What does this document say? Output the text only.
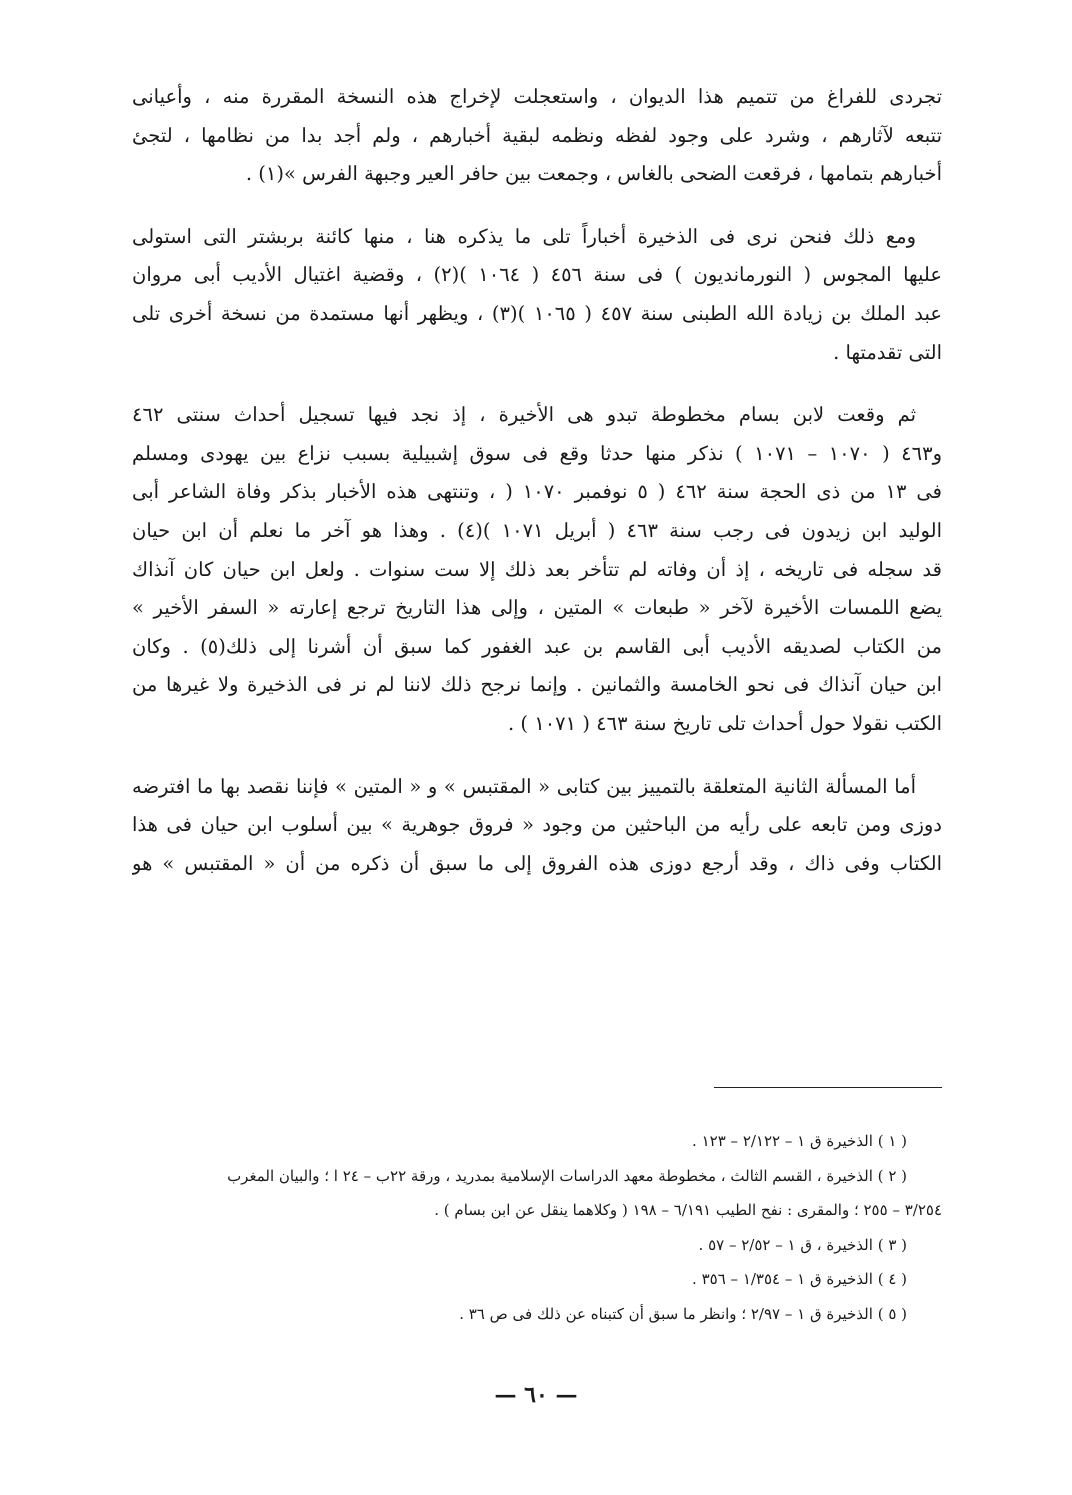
تجردى للفراغ من تتميم هذا الديوان ، واستعجلت لإخراج هذه النسخة المقررة منه ، وأعيانى
تتبعه لآثارهم ، وشرد على وجود لفظه ونظمه لبقية أخبارهم ، ولم أجد بدا من نظامها ، لتجئ
أخبارهم بتمامها ، فرقعت الضحى بالغاس ، وجمعت بين حافر العير وجبهة الفرس »(١) .

ومع ذلك فنحن نرى فى الذخيرة أخباراً تلى ما يذكره هنا ، منها كائنة بربشتر التى استولى
عليها المجوس ( النورمانديون ) فى سنة ٤٥٦ ( ١٠٦٤ )(٢) ، وقضية اغتيال الأديب أبى مروان
عبد الملك بن زيادة الله الطبنى سنة ٤٥٧ ( ١٠٦٥ )(٣) ، ويظهر أنها مستمدة من نسخة أخرى تلى
التى تقدمتها .

ثم وقعت لابن بسام مخطوطة تبدو هى الأخيرة ، إذ نجد فيها تسجيل أحداث سنتى ٤٦٢
و٤٦٣ ( ١٠٧٠ – ١٠٧١ ) نذكر منها حدثا وقع فى سوق إشبيلية بسبب نزاع بين يهودى ومسلم
فى ١٣ من ذى الحجة سنة ٤٦٢ ( ٥ نوفمبر ١٠٧٠ ( ، وتنتهى هذه الأخبار بذكر وفاة الشاعر أبى
الوليد ابن زيدون فى رجب سنة ٤٦٣ ( أبريل ١٠٧١ )(٤) . وهذا هو آخر ما نعلم أن ابن حيان
قد سجله فى تاريخه ، إذ أن وفاته لم تتأخر بعد ذلك إلا ست سنوات . ولعل ابن حيان كان آنذاك
يضع اللمسات الأخيرة لآخر « طبعات » المتين ، وإلى هذا التاريخ ترجع إعارته « السفر الأخير »
من الكتاب لصديقه الأديب أبى القاسم بن عبد الغفور كما سبق أن أشرنا إلى ذلك(٥) . وكان
ابن حيان آنذاك فى نحو الخامسة والثمانين . وإنما نرجح ذلك لاننا لم نر فى الذخيرة ولا غيرها من
الكتب نقولا حول أحداث تلى تاريخ سنة ٤٦٣ ( ١٠٧١ ) .

أما المسألة الثانية المتعلقة بالتمييز بين كتابى « المقتبس » و « المتين » فإننا نقصد بها ما افترضه
دوزى ومن تابعه على رأيه من الباحثين من وجود « فروق جوهرية » بين أسلوب ابن حيان فى هذا
الكتاب وفى ذاك ، وقد أرجع دوزى هذه الفروق إلى ما سبق أن ذكره من أن « المقتبس » هو

( ١ ) الذخيرة ق ١ – ٢/١٢٢ – ١٢٣ .
( ٢ ) الذخيرة ، القسم الثالث ، مخطوطة معهد الدراسات الإسلامية بمدريد ، ورقة ٢٢ب – ٢٤ ا ؛ والبيان المغرب
٣/٢٥٤ – ٢٥٥ ؛ والمقرى : نفح الطيب ٦/١٩١ – ١٩٨ ( وكلاهما ينقل عن ابن بسام ) .
( ٣ ) الذخيرة ، ق ١ – ٢/٥٢ – ٥٧ .
( ٤ ) الذخيرة ق ١ – ١/٣٥٤ – ٣٥٦ .
( ٥ ) الذخيرة ق ١ – ٢/٩٧ ؛ وانظر ما سبق أن كتبناه عن ذلك فى ص ٣٦ .
— ٦٠ —
